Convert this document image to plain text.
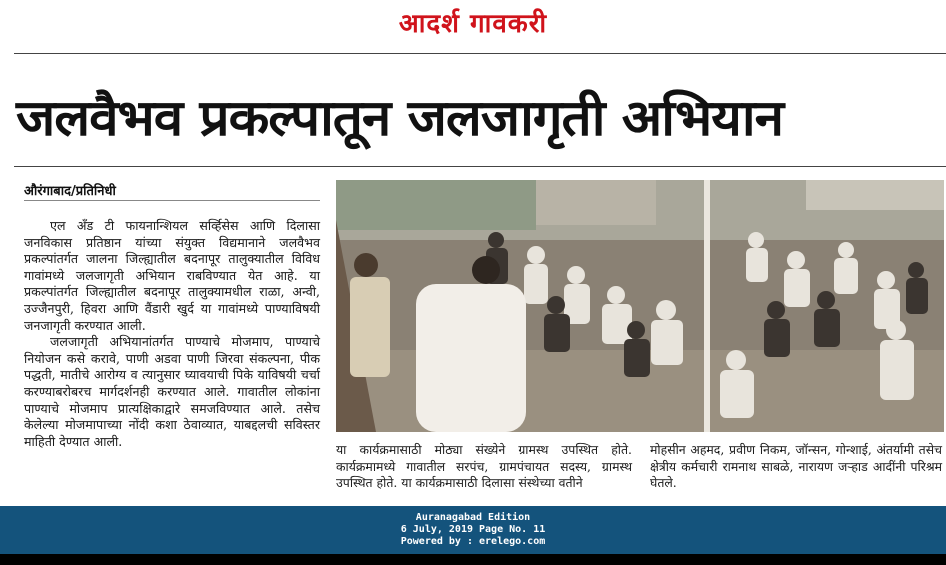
आदर्श गावकरी
जलवैभव प्रकल्पातून जलजागृती अभियान
औरंगाबाद/प्रतिनिधी

एल अँड टी फायनान्शियल सर्व्हिसेस आणि दिलासा जनविकास प्रतिष्ठान यांच्या संयुक्त विद्यमानाने जलवैभव प्रकल्पांतर्गत जालना जिल्ह्यातील बदनापूर तालुक्यातील विविध गावांमध्ये जलजागृती अभियान राबविण्यात येत आहे. या प्रकल्पांतर्गत जिल्ह्यातील बदनापूर तालुक्यामधील राळा, अन्वी, उज्जैनपुरी, हिवरा आणि वैंडारी खुर्द या गावांमध्ये पाण्याविषयी जनजागृती करण्यात आली.

जलजागृती अभियानांतर्गत पाण्याचे मोजमाप, पाण्याचे नियोजन कसे करावे, पाणी अडवा पाणी जिरवा संकल्पना, पीक पद्धती, मातीचे आरोग्य व त्यानुसार घ्यावयाची पिके याविषयी चर्चा करण्याबरोबरच मार्गदर्शनही करण्यात आले. गावातील लोकांना पाण्याचे मोजमाप प्रात्यक्षिकाद्वारे समजविण्यात आले. तसेच केलेल्या मोजमापाच्या नोंदी कशा ठेवाव्यात, याबद्दलची सविस्तर माहिती देण्यात आली.

या कार्यक्रमासाठी मोठ्या संख्येने ग्रामस्थ उपस्थित होते. कार्यक्रमामध्ये गावातील सरपंच, ग्रामपंचायत सदस्य, ग्रामस्थ उपस्थित होते. या कार्यक्रमासाठी दिलासा संस्थेच्या वतीने
मोहसीन अहमद, प्रवीण निकम, जॉन्सन, गोन्शाई, अंतर्यामी तसेच क्षेत्रीय कर्मचारी रामनाथ साबळे, नारायण जऱ्हाड आदींनी परिश्रम घेतले.
Auranagabad Edition
6 July, 2019 Page No. 11
Powered by : erelego.com
